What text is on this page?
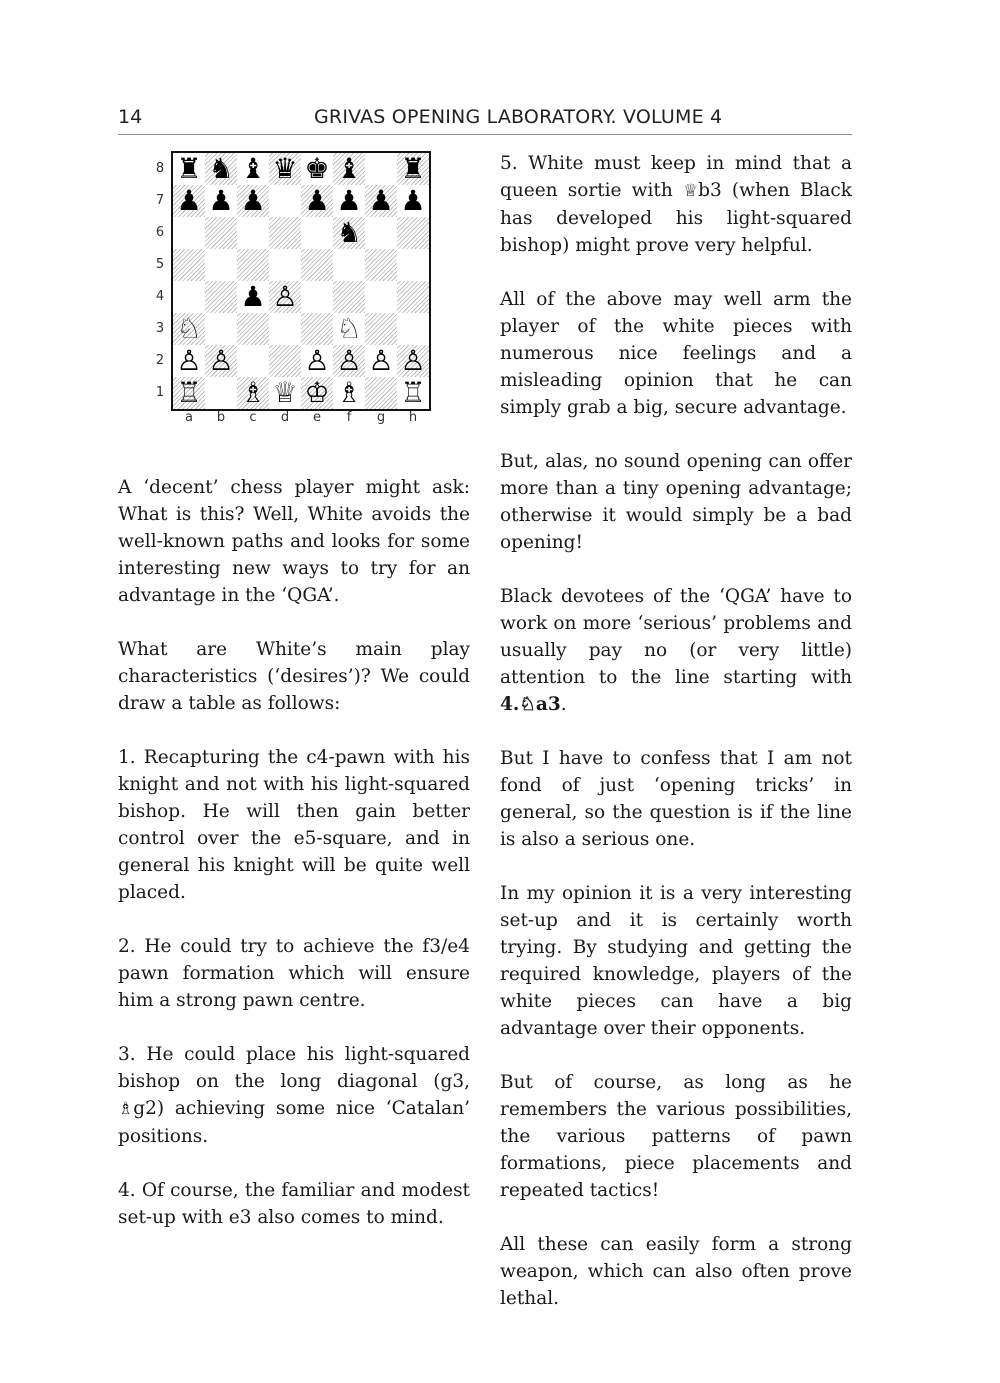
14	GRIVAS OPENING LABORATORY. VOLUME 4
8
7
6
5
4
3
2
1
♜ ♞ ♝ ♛ ♚ ♝ ♜
♟ ♟ ♟ ♟ ♟ ♟ ♟
♞
♟ ♙
♘	♘
♙ ♙	♙ ♙ ♙ ♙
♖ ♗ ♕ ♔ ♗ ♖
a	b	c	d	e	f	g	h

A ‘decent’ chess player might ask: What is this? Well, White avoids the well-known paths and looks for some interesting new ways to try for an advantage in the ‘QGA’.

What are White’s main play characteristics (‘desires’)? We could draw a table as follows:

1. Recapturing the c4-pawn with his knight and not with his light-squared bishop. He will then gain better control over the e5-square, and in general his knight will be quite well placed.

2. He could try to achieve the f3/e4 pawn formation which will ensure him a strong pawn centre.

3. He could place his light-squared bishop on the long diagonal (g3, ♗g2) achieving some nice ‘Catalan’ positions.

4. Of course, the familiar and modest set-up with e3 also comes to mind.

5. White must keep in mind that a queen sortie with ♕b3 (when Black has developed his light-squared bishop) might prove very helpful.

All of the above may well arm the player of the white pieces with numerous nice feelings and a misleading opinion that he can simply grab a big, secure advantage.

But, alas, no sound opening can offer more than a tiny opening advantage; otherwise it would simply be a bad opening!

Black devotees of the ‘QGA’ have to work on more ‘serious’ problems and usually pay no (or very little) attention to the line starting with 4.♘a3.

But I have to confess that I am not fond of just ‘opening tricks’ in general, so the question is if the line is also a serious one.

In my opinion it is a very interesting set-up and it is certainly worth trying. By studying and getting the required knowledge, players of the white pieces can have a big advantage over their opponents.

But of course, as long as he remembers the various possibilities, the various patterns of pawn formations, piece placements and repeated tactics!

All these can easily form a strong weapon, which can also often prove lethal.
